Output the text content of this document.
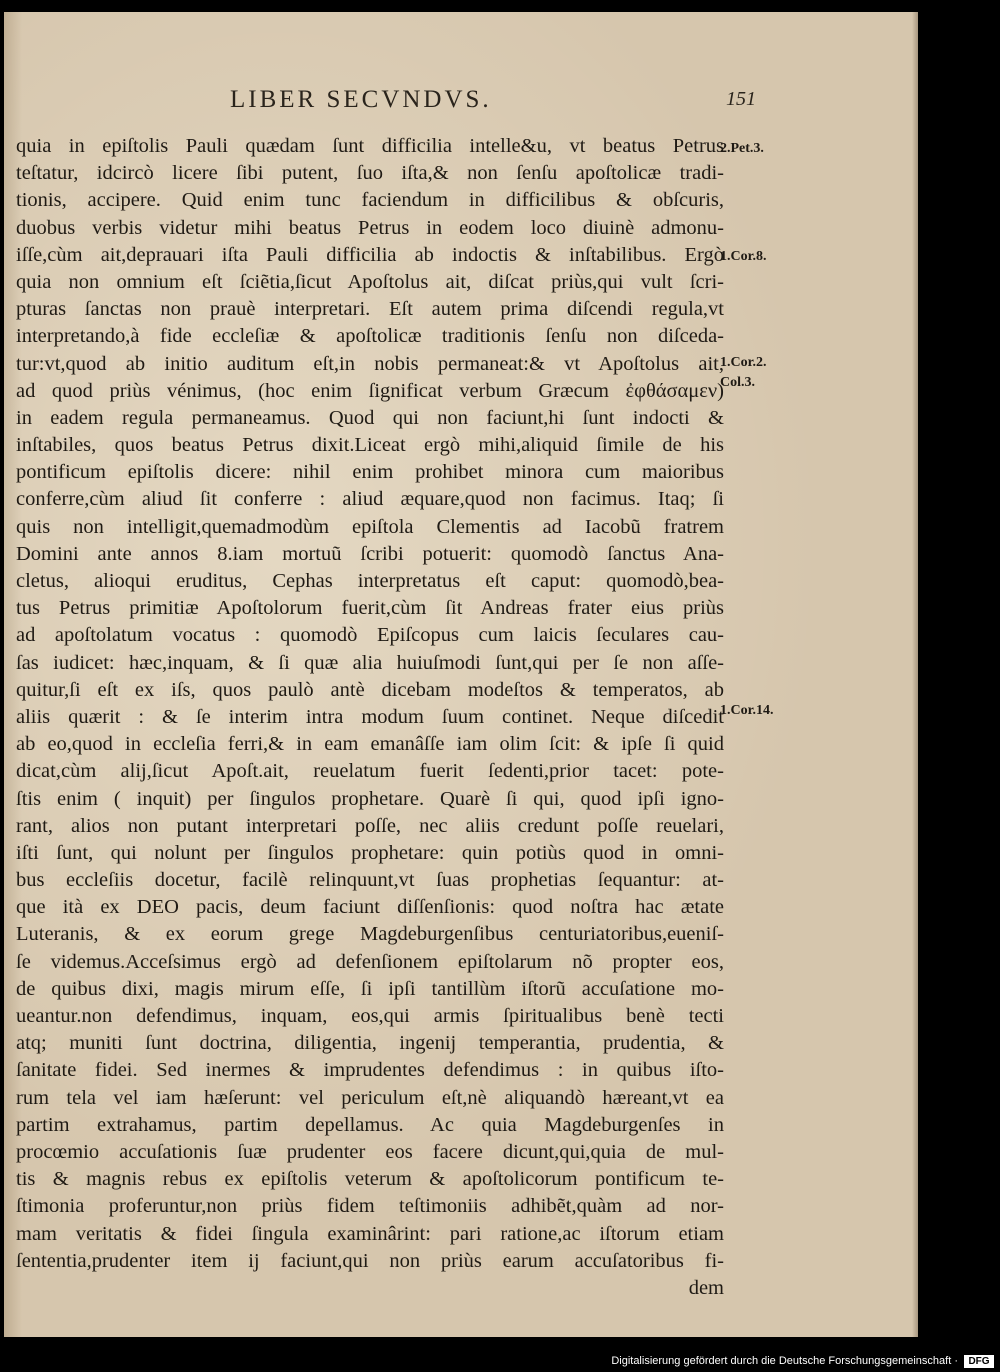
LIBER SECVNDVS.	151
quia in epiſtolis Pauli quædam ſunt difficilia intelle&u, vt beatus Petrus
teſtatur, idcircò licere ſibi putent, ſuo iſta,& non ſenſu apoſtolicæ tradi-
tionis, accipere. Quid enim tunc faciendum in difficilibus & obſcuris,
duobus verbis videtur mihi beatus Petrus in eodem loco diuinè admonu-
iſſe,cùm ait,deprauari iſta Pauli difficilia ab indoctis & inſtabilibus. Ergò
quia non omnium eſt ſciẽtia,ſicut Apoſtolus ait, diſcat priùs,qui vult ſcri-
pturas ſanctas non prauè interpretari. Eſt autem prima diſcendi regula,vt
interpretando,à fide eccleſiæ & apoſtolicæ traditionis ſenſu non diſceda-
tur:vt,quod ab initio auditum eſt,in nobis permaneat:& vt Apoſtolus ait,
ad quod priùs vénimus, (hoc enim ſignificat verbum Græcum ἐφθάσαμεν)
in eadem regula permaneamus. Quod qui non faciunt,hi ſunt indocti &
inſtabiles, quos beatus Petrus dixit.Liceat ergò mihi,aliquid ſimile de his
pontificum epiſtolis dicere: nihil enim prohibet minora cum maioribus
conferre,cùm aliud ſit conferre : aliud æquare,quod non facimus. Itaq; ſi
quis non intelligit,quemadmodùm epiſtola Clementis ad Iacobũ fratrem
Domini ante annos 8.iam mortuũ ſcribi potuerit: quomodò ſanctus Ana-
cletus, alioqui eruditus, Cephas interpretatus eſt caput: quomodò,bea-
tus Petrus primitiæ Apoſtolorum fuerit,cùm ſit Andreas frater eius priùs
ad apoſtolatum vocatus : quomodò Epiſcopus cum laicis ſeculares cau-
ſas iudicet: hæc,inquam, & ſi quæ alia huiuſmodi ſunt,qui per ſe non aſſe-
quitur,ſi eſt ex iſs, quos paulò antè dicebam modeſtos & temperatos, ab
aliis quærit : & ſe interim intra modum ſuum continet. Neque diſcedit
ab eo,quod in eccleſia ferri,& in eam emanâſſe iam olim ſcit: & ipſe ſi quid
dicat,cùm alij,ſicut Apoſt.ait, reuelatum fuerit ſedenti,prior tacet: pote-
ſtis enim ( inquit) per ſingulos prophetare. Quarè ſi qui, quod ipſi igno-
rant, alios non putant interpretari poſſe, nec aliis credunt poſſe reuelari,
iſti ſunt, qui nolunt per ſingulos prophetare: quin potiùs quod in omni-
bus eccleſiis docetur, facilè relinquunt,vt ſuas prophetias ſequantur: at-
que ità ex DEO pacis, deum faciunt diſſenſionis: quod noſtra hac ætate
Luteranis, & ex eorum grege Magdeburgenſibus centuriatoribus,eueniſ-
ſe videmus.Acceſsimus ergò ad defenſionem epiſtolarum nõ propter eos,
de quibus dixi, magis mirum eſſe, ſi ipſi tantillùm iſtorũ accuſatione mo-
ueantur.non defendimus, inquam, eos,qui armis ſpiritualibus benè tecti
atq; muniti ſunt doctrina, diligentia, ingenij temperantia, prudentia, &
ſanitate fidei. Sed inermes & imprudentes defendimus : in quibus iſto-
rum tela vel iam hæſerunt: vel periculum eſt,nè aliquandò hæreant,vt ea
partim extrahamus, partim depellamus. Ac quia Magdeburgenſes in
procœmio accuſationis ſuæ prudenter eos facere dicunt,qui,quia de mul-
tis & magnis rebus ex epiſtolis veterum & apoſtolicorum pontificum te-
ſtimonia proferuntur,non priùs fidem teſtimoniis adhibẽt,quàm ad nor-
mam veritatis & fidei ſingula examinârint: pari ratione,ac iſtorum etiam
ſententia,prudenter item ij faciunt,qui non priùs earum accuſatoribus fi-
dem
2.Pet.3.
1.Cor.8.
1.Cor.2.
Col.3.
1.Cor.14.
Digitalisierung gefördert durch die Deutsche Forschungsgemeinschaft ·	DFG
